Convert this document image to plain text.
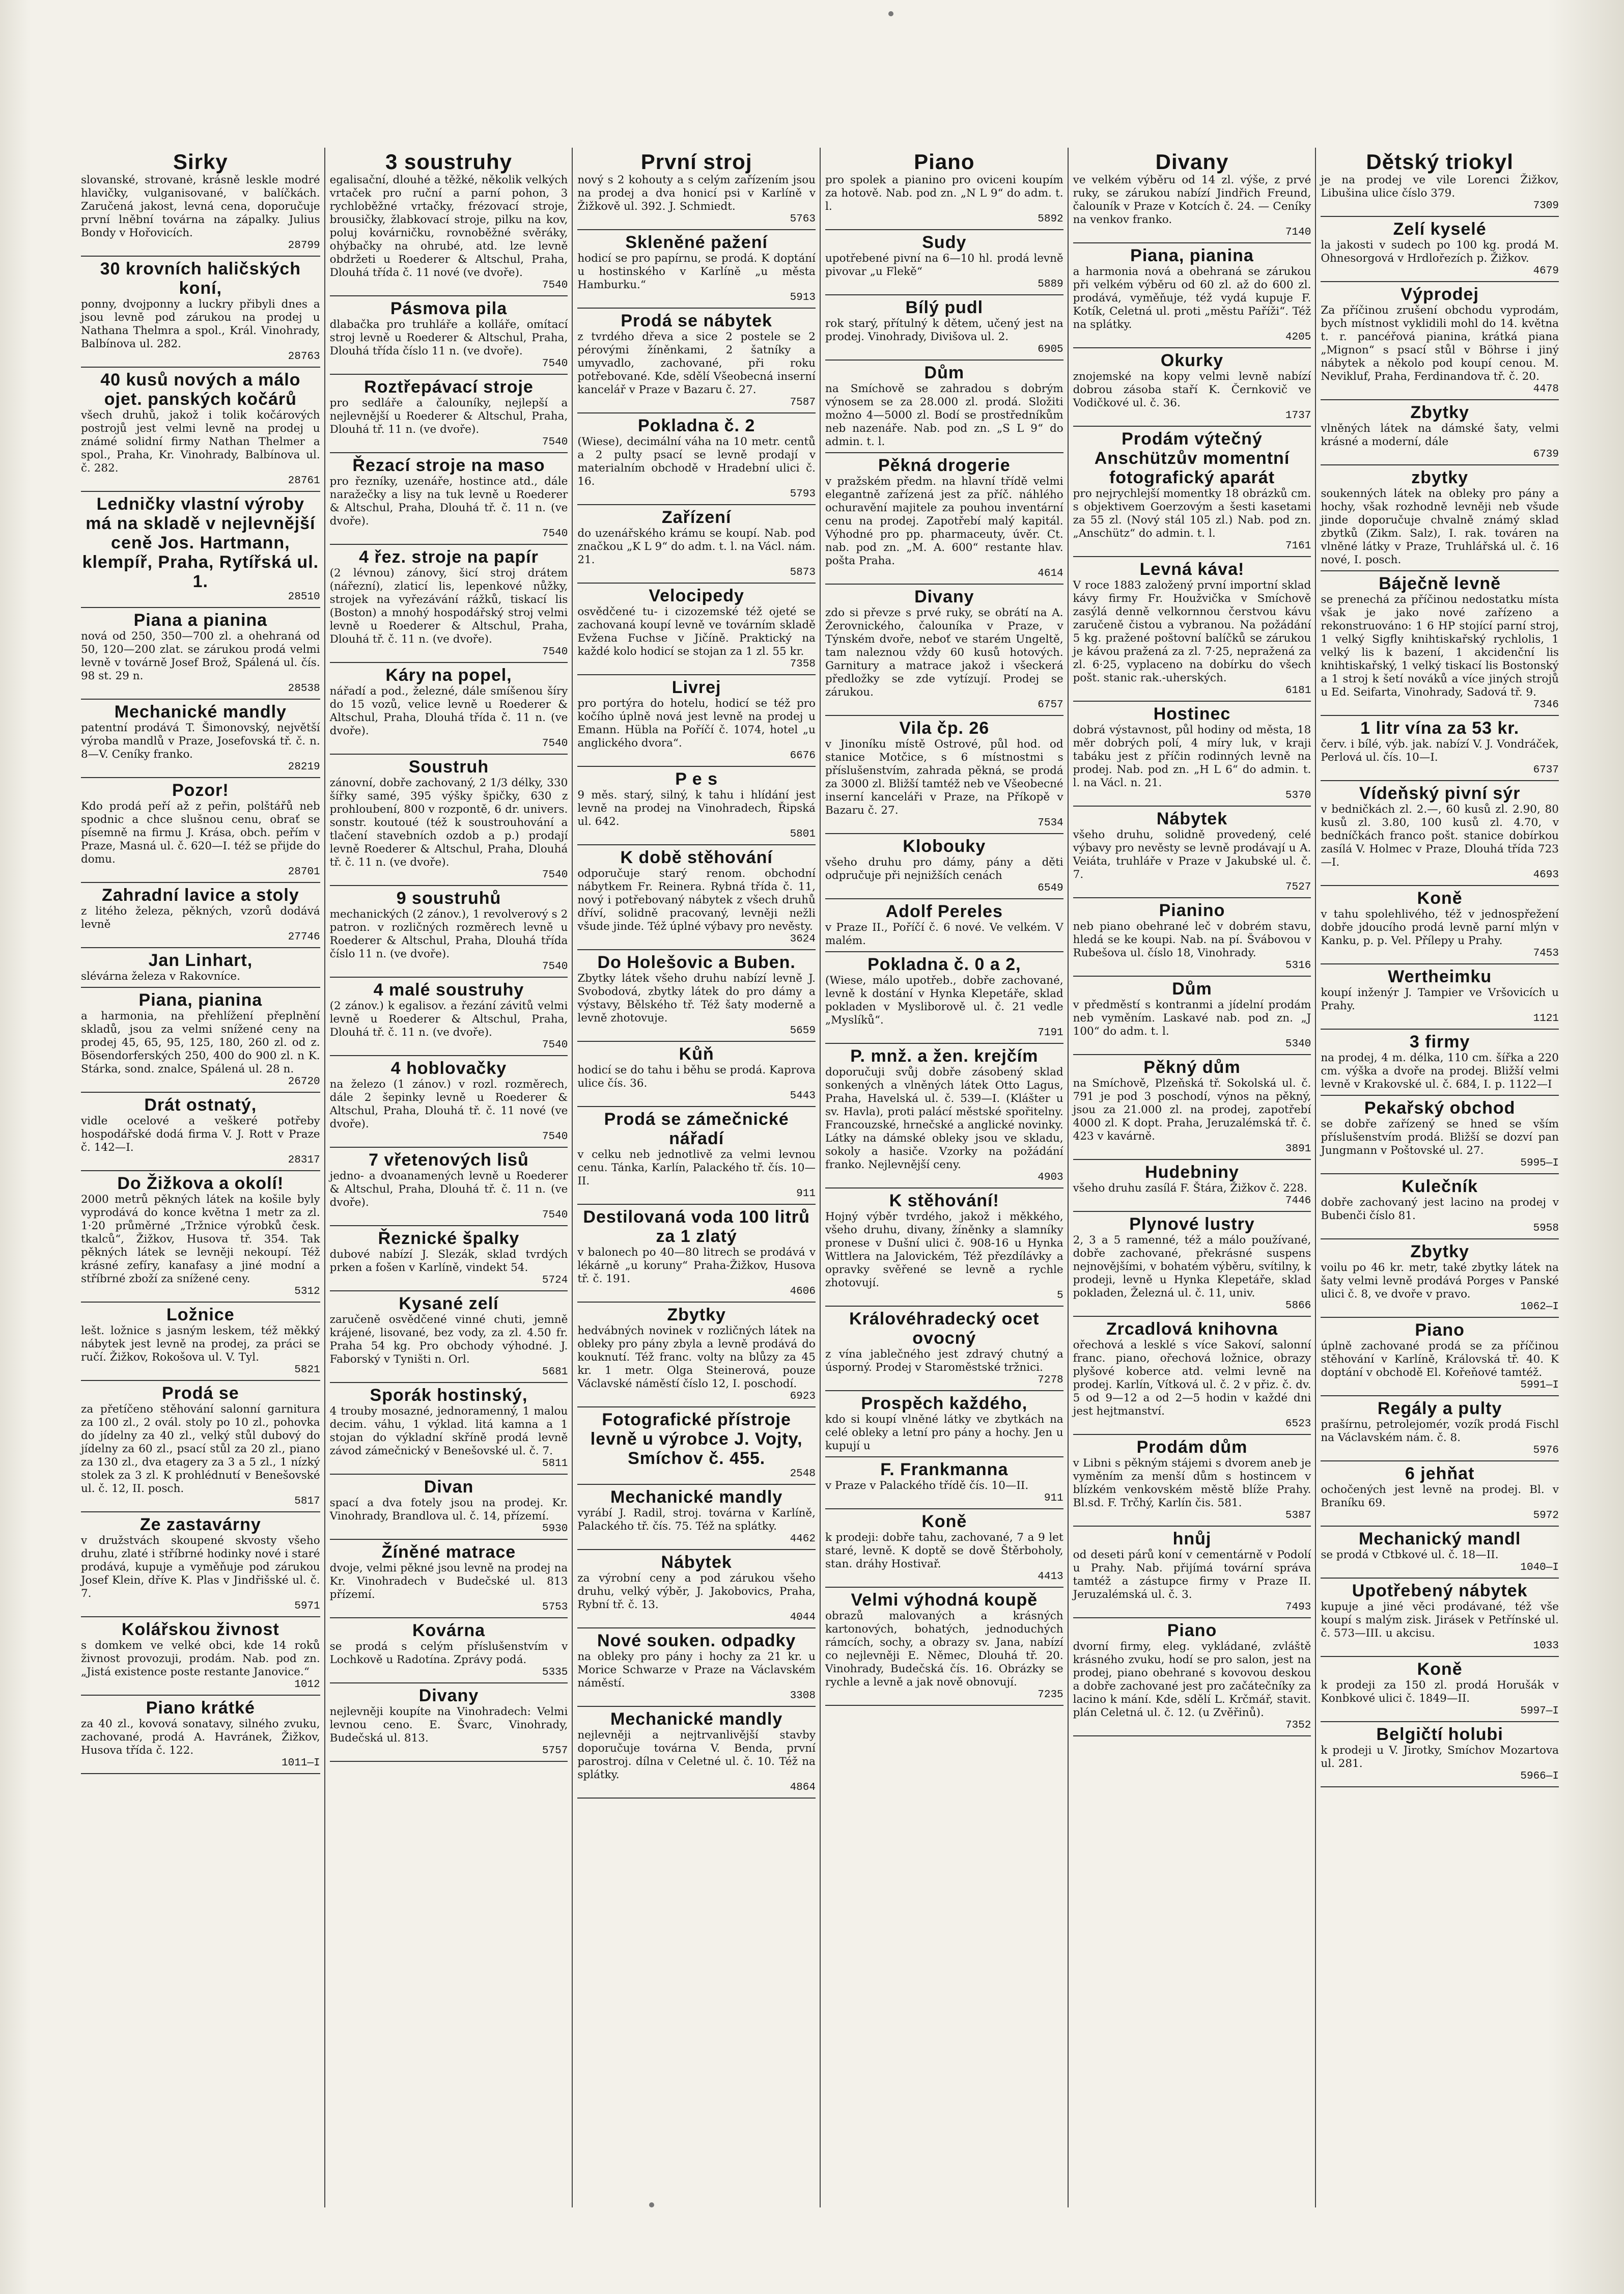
Sirky
slovanské, strovanė, krásně leskle modré hlavičky, vulganisované, v balíčkách. Zaručená jakost, levná cena, doporučuje první lněbní továrna na zápalky. Julius Bondy v Hořovicích.
28799
30 krovních haličských koní,
ponny, dvojponny a luckry přibyli dnes a jsou levně pod zárukou na prodej u Nathana Thelmra a spol., Král. Vinohrady, Balbínova ul. 282.
28763
40 kusů nových a málo ojet. panských kočárů
všech druhů, jakož i tolik kočárových postrojů jest velmi levně na prodej u známé solidní firmy Nathan Thelmer a spol., Praha, Kr. Vinohrady, Balbínova ul. č. 282.
28761
Ledničky vlastní výroby má na skladě v nejlevnější ceně Jos. Hartmann, klempíř, Praha, Rytířská ul. 1.
28510
Piana a pianina
nová od 250, 350—700 zl. a ohehraná od 50, 120—200 zlat. se zárukou prodá velmi levně v továrně Josef Brož, Spálená ul. čís. 98 st. 29 n.
28538
Mechanické mandly
patentní prodává T. Šimonovský, největší výroba mandlů v Praze, Josefovská tř. č. n. 8—V. Ceníky franko.
28219
Pozor!
Kdo prodá peří až z peřin, polštářů neb spodnic a chce slušnou cenu, obrať se písemně na firmu J. Krása, obch. peřím v Praze, Masná ul. č. 620—I. též se přijde do domu.
28701
Zahradní lavice a stoly
z litého železa, pěkných, vzorů dodává levně
27746
Jan Linhart,
slévárna železa v Rakovníce.
Piana, pianina
a harmonia, na přehlížení přeplnění skladů, jsou za velmi snížené ceny na prodej 45, 65, 95, 125, 180, 260 zl. od z. Bösendorferských 250, 400 do 900 zl. n K. Stárka, sond. znalce, Spálená ul. 28 n.
26720
Drát ostnatý,
vidle ocelové a veškeré potřeby hospodářské dodá firma V. J. Rott v Praze č. 142—I.
28317
Do Žižkova a okolí!
2000 metrů pěkných látek na košile byly vyprodává do konce května 1 metr za zl. 1·20 průměrné „Tržnice výrobků česk. tkalců“, Žižkov, Husova tř. 354. Tak pěkných látek se levněji nekoupí. Též krásné zefíry, kanafasy a jiné modní a stříbrné zboží za snížené ceny.
5312
Ložnice
lešt. ložnice s jasným leskem, též měkký nábytek jest levně na prodej, za práci se ručí. Žižkov, Rokošova ul. V. Tyl.
5821
Prodá se
za přetíčeno stěhování salonní garnitura za 100 zl., 2 ovál. stoly po 10 zl., pohovka do jídelny za 40 zl., velký stůl dubový do jídelny za 60 zl., psací stůl za 20 zl., piano za 130 zl., dva etagery za 3 a 5 zl., 1 nízký stolek za 3 zl. K prohlédnutí v Benešovské ul. č. 12, II. posch.
5817
Ze zastavárny
v družstvách skoupené skvosty všeho druhu, zlaté i stříbrné hodinky nové i staré prodává, kupuje a vyměňuje pod zárukou Josef Klein, dříve K. Plas v Jindřišské ul. č. 7.
5971
Kolářskou živnost
s domkem ve velké obci, kde 14 roků živnost provozuji, prodám. Nab. pod zn. „Jistá existence poste restante Janovice.“
1012
Piano krátké
za 40 zl., kovová sonatavy, silného zvuku, zachované, prodá A. Havránek, Žižkov, Husova třída č. 122.
1011—I
3 soustruhy
egalisační, dlouhé a těžké, několik velkých vrtaček pro ruční a parní pohon, 3 rychloběžné vrtačky, frézovací stroje, brousičky, žlabkovací stroje, pilku na kov, poluj kovárničku, rovnoběžné svěráky, ohýbačky na ohrubé, atd. lze levně obdržeti u Roederer & Altschul, Praha, Dlouhá třída č. 11 nové (ve dvoře).
7540
Pásmova pila
dlabačka pro truhláře a kolláře, omítací stroj levně u Roederer & Altschul, Praha, Dlouhá třída číslo 11 n. (ve dvoře).
7540
Roztřepávací stroje
pro sedláře a čalouníky, nejlepší a nejlevnější u Roederer & Altschul, Praha, Dlouhá tř. 11 n. (ve dvoře).
7540
Řezací stroje na maso
pro řezníky, uzenáře, hostince atd., dále naražečky a lisy na tuk levně u Roederer & Altschul, Praha, Dlouhá tř. č. 11 n. (ve dvoře).
7540
4 řez. stroje na papír
(2 lévnou) zánovy, šicí stroj drátem (nářezní), zlaticí lis, lepenkové nůžky, strojek na vyřezávání rážků, tiskací lis (Boston) a mnohý hospodářský stroj velmi levně u Roederer & Altschul, Praha, Dlouhá tř. č. 11 n. (ve dvoře).
7540
Káry na popel,
nářadí a pod., železné, dále smíšenou šíry do 15 vozů, velice levně u Roederer & Altschul, Praha, Dlouhá třída č. 11 n. (ve dvoře).
7540
Soustruh
zánovní, dobře zachovaný, 2 1/3 délky, 330 šířky samé, 395 výšky špičky, 630 z prohloubení, 800 v rozpontě, 6 dr. univers. sonstr. koutoué (též k soustrouhování a tlačení stavebních ozdob a p.) prodají levně Roederer & Altschul, Praha, Dlouhá tř. č. 11 n. (ve dvoře).
7540
9 soustruhů
mechanických (2 zánov.), 1 revolverový s 2 patron. v rozličných rozměrech levně u Roederer & Altschul, Praha, Dlouhá třída číslo 11 n. (ve dvoře).
7540
4 malé soustruhy
(2 zánov.) k egalisov. a řezání závitů velmi levně u Roederer & Altschul, Praha, Dlouhá tř. č. 11 n. (ve dvoře).
7540
4 hoblovačky
na železo (1 zánov.) v rozl. rozměrech, dále 2 šepinky levně u Roederer & Altschul, Praha, Dlouhá tř. č. 11 nové (ve dvoře).
7540
7 vřetenových lisů
jedno- a dvoanamených levně u Roederer & Altschul, Praha, Dlouhá tř. č. 11 n. (ve dvoře).
7540
Řeznické špalky
dubové nabízí J. Slezák, sklad tvrdých prken a fošen v Karlíně, vindekt 54.
5724
Kysané zelí
zaručeně osvědčené vinné chuti, jemně krájené, lisované, bez vody, za zl. 4.50 fr. Praha 54 kg. Pro obchody výhodné. J. Faborský v Tyništi n. Orl.
5681
Sporák hostinský,
4 trouby mosazné, jednoramenný, 1 malou decim. váhu, 1 výklad. litá kamna a 1 stojan do výkladní skříně prodá levně závod zámečnický v Benešovské ul. č. 7.
5811
Divan
spací a dva fotely jsou na prodej. Kr. Vinohrady, Brandlova ul. č. 14, přízemí.
5930
Žíněné matrace
dvoje, velmi pěkné jsou levně na prodej na Kr. Vinohradech v Budečské ul. 813 přízemí.
5753
Kovárna
se prodá s celým příslušenstvím v Lochkově u Radotína. Zprávy podá.
5335
Divany
nejlevněji koupíte na Vinohradech: Velmi levnou ceno. E. Švarc, Vinohrady, Budečská ul. 813.
5757
První stroj
nový s 2 kohouty a s celým zařízením jsou na prodej a dva honicí psi v Karlíně v Žižkově ul. 392. J. Schmiedt.
5763
Skleněné pažení
hodicí se pro papírnu, se prodá. K doptání u hostinského v Karlíně „u města Hamburku.“
5913
Prodá se nábytek
z tvrdého dřeva a sice 2 postele se 2 pérovými žíněnkami, 2 šatníky a umyvadlo, zachované, při roku potřebované. Kde, sdělí Všeobecná inserní kancelář v Praze v Bazaru č. 27.
7587
Pokladna č. 2
(Wiese), decimální váha na 10 metr. centů a 2 pulty psací se levně prodají v materialním obchodě v Hradební ulici č. 16.
5793
Zařízení
do uzenářského krámu se koupí. Nab. pod značkou „K L 9“ do adm. t. l. na Václ. nám. 21.
5873
Velocipedy
osvědčené tu- i cizozemské též ojeté se zachovaná koupí levně ve továrním skladě Evžena Fuchse v Jičíně. Praktický na každé kolo hodicí se stojan za 1 zl. 55 kr.
7358
Livrej
pro portýra do hotelu, hodicí se též pro kočího úplně nová jest levně na prodej u Emann. Hübla na Poříčí č. 1074, hotel „u anglického dvora“.
6676
P e s
9 měs. starý, silný, k tahu i hlídání jest levně na prodej na Vinohradech, Řipská ul. 642.
5801
K době stěhování
odporučuje starý renom. obchodní nábytkem Fr. Reinera. Rybná třída č. 11, nový i potřebovaný nábytek z všech druhů dříví, solidně pracovaný, levněji nežli všude jinde. Též úplné výbavy pro nevěsty.
3624
Do Holešovic a Buben.
Zbytky látek všeho druhu nabízí levně J. Svobodová, zbytky látek do pro dámy a výstavy, Bělského tř. Též šaty moderně a levně zhotovuje.
5659
Kůň
hodicí se do tahu i běhu se prodá. Kaprova ulice čís. 36.
5443
Prodá se zámečnické nářadí
v celku neb jednotlivě za velmi levnou cenu. Tánka, Karlín, Palackého tř. čís. 10—II.
911
Destilovaná voda 100 litrů za 1 zlatý
v balonech po 40—80 litrech se prodává v lékárně „u koruny“ Praha-Žižkov, Husova tř. č. 191.
4606
Zbytky
hedvábných novinek v rozličných látek na obleky pro pány zbyla a levně prodává do kouknutí. Též franc. volty na blůzy za 45 kr. 1 metr. Olga Steinerová, pouze Václavské náměstí číslo 12, I. poschodí.
6923
Fotografické přístroje levně u výrobce J. Vojty, Smíchov č. 455.
2548
Mechanické mandly
vyrábí J. Radil, stroj. továrna v Karlíně, Palackého tř. čís. 75. Též na splátky.
4462
Nábytek
za výrobní ceny a pod zárukou všeho druhu, velký výběr, J. Jakobovics, Praha, Rybní tř. č. 13.
4044
Nové souken. odpadky
na obleky pro pány i hochy za 21 kr. u Morice Schwarze v Praze na Václavském náměstí.
3308
Mechanické mandly
nejlevněji a nejtrvanlivější stavby doporučuje továrna V. Benda, první parostroj. dílna v Celetné ul. č. 10. Též na splátky.
4864
Piano
pro spolek a pianino pro oviceni koupím za hotově. Nab. pod zn. „N L 9“ do adm. t. l.
5892
Sudy
upotřebené pivní na 6—10 hl. prodá levně pivovar „u Flekě“
5889
Bílý pudl
rok starý, přítulný k dětem, učený jest na prodej. Vinohrady, Divišova ul. 2.
6905
Dům
na Smíchově se zahradou s dobrým výnosem se za 28.000 zl. prodá. Složiti možno 4—5000 zl. Bodí se prostředníkům neb nazenáře. Nab. pod zn. „S L 9“ do admin. t. l.
Pěkná drogerie
v pražském předm. na hlavní třídě velmi elegantně zařízená jest za příč. náhlého ochuravění majitele za pouhou inventární cenu na prodej. Zapotřebí malý kapitál. Výhodné pro pp. pharmaceuty, úvěr. Ct. nab. pod zn. „M. A. 600“ restante hlav. pošta Praha.
4614
Divany
zdo si převze s prvé ruky, se obrátí na A. Žerovnického, čalouníka v Praze, v Týnském dvoře, neboť ve starém Ungeltě, tam naleznou vždy 60 kusů hotových. Garnitury a matrace jakož i všeckerá předložky se zde vytízují. Prodej se zárukou.
6757
Vila čp. 26
v Jinoníku místě Ostrové, půl hod. od stanice Motčice, s 6 místnostmi s příslušenstvím, zahrada pěkná, se prodá za 3000 zl. Bližší tamtéž neb ve Všeobecné inserní kanceláři v Praze, na Příkopě v Bazaru č. 27.
7534
Klobouky
všeho druhu pro dámy, pány a děti odpručuje při nejnižších cenách
6549
Adolf Pereles
v Praze II., Poříčí č. 6 nové. Ve velkém. V malém.
Pokladna č. 0 a 2,
(Wiese, málo upotřeb., dobře zachované, levně k dostání v Hynka Klepetáře, sklad pokladen v Mysliborově ul. č. 21 vedle „Myslíků“.
7191
P. mnž. a žen. krejčím
doporučuji svůj dobře zásobený sklad sonkených a vlněných látek Otto Lagus, Praha, Havelská ul. č. 539—I. (Klášter u sv. Havla), proti palácí městské spořitelny. Francouzské, hrnečské a anglické novinky. Látky na dámské obleky jsou ve skladu, sokoly a hasiče. Vzorky na požádání franko. Nejlevnější ceny.
4903
K stěhování!
Hojný výběr tvrdého, jakož i měkkého, všeho druhu, divany, žíněnky a slamníky pronese v Dušní ulici č. 908-16 u Hynka Wittlera na Jalovickém, Též přezdílávky a opravky svěřené se levně a rychle zhotovují.
5
Královéhradecký ocet ovocný
z vína jablečného jest zdravý chutný a úsporný. Prodej v Staroměstské tržnici.
7278
Prospěch každého,
kdo si koupí vlněné látky ve zbytkách na celé obleky a letní pro pány a hochy. Jen u kupují u
F. Frankmanna
v Praze v Palackého třídě čís. 10—II.
911
Koně
k prodeji: dobře tahu, zachované, 7 a 9 let staré, levně. K doptě se dově Štěrboholy, stan. dráhy Hostivař.
4413
Velmi výhodná koupě
obrazů malovaných a krásných kartonových, bohatých, jednoduchých rámcích, sochy, a obrazy sv. Jana, nabízí co nejlevněji E. Němec, Dlouhá tř. 20. Vinohrady, Budečská čís. 16. Obrázky se rychle a levně a jak nově obnovují.
7235
Divany
ve velkém výběru od 14 zl. výše, z prvé ruky, se zárukou nabízí Jindřich Freund, čalouník v Praze v Kotcích č. 24. — Ceníky na venkov franko.
7140
Piana, pianina
a harmonia nová a obehraná se zárukou při velkém výběru od 60 zl. až do 600 zl. prodává, vyměňuje, též vydá kupuje F. Kotík, Celetná ul. proti „městu Paříži“. Též na splátky.
4205
Okurky
znojemské na kopy velmi levně nabízí dobrou zásoba staří K. Černkovič ve Vodičkové ul. č. 36.
1737
Prodám výtečný Anschützův momentní fotografický aparát
pro nejrychlejší momentky 18 obrázků cm. s objektivem Goerzovým a šesti kasetami za 55 zl. (Nový stál 105 zl.) Nab. pod zn. „Anschütz“ do admin. t. l.
7161
Levná káva!
V roce 1883 založený první importní sklad kávy firmy Fr. Houžvička v Smíchově zasýlá denně velkornnou čerstvou kávu zaručeně čistou a vybranou. Na požádání 5 kg. pražené poštovní balíčků se zárukou je kávou pražená za zl. 7·25, nepražená za zl. 6·25, vyplaceno na dobírku do všech pošt. stanic rak.-uherských.
6181
Hostinec
dobrá výstavnost, půl hodiny od města, 18 měr dobrých polí, 4 míry luk, v kraji tabáku jest z příčin rodinných levně na prodej. Nab. pod zn. „H L 6“ do admin. t. l. na Václ. n. 21.
5370
Nábytek
všeho druhu, solidně provedený, celé výbavy pro nevěsty se levně prodávají u A. Veiáta, truhláře v Praze v Jakubské ul. č. 7.
7527
Pianino
neb piano obehrané leč v dobrém stavu, hledá se ke koupi. Nab. na pí. Švábovou v Rubešova ul. číslo 18, Vinohrady.
5316
Dům
v předměstí s kontranmi a jídelní prodám neb vyměním. Laskavé nab. pod zn. „J 100“ do adm. t. l.
5340
Pěkný dům
na Smíchově, Plzeňská tř. Sokolská ul. č. 791 je pod 3 poschodí, výnos na pěkný, jsou za 21.000 zl. na prodej, zapotřebí 4000 zl. K dopt. Praha, Jeruzalémská tř. č. 423 v kavárně.
3891
Hudebniny
všeho druhu zasílá F. Štára, Žižkov č. 228.
7446
Plynové lustry
2, 3 a 5 ramenné, též a málo používané, dobře zachované, překrásné suspens nejnovějšími, v bohatém výběru, svítilny, k prodeji, levně u Hynka Klepetáře, sklad pokladen, Železná ul. č. 11, univ.
5866
Zrcadlová knihovna
ořechová a lesklé s více Sakoví, salonní franc. piano, ořechová ložnice, obrazy plyšové koberce atd. velmi levně na prodej. Karlín, Vítková ul. č. 2 v přiz. č. dv. 5 od 9—12 a od 2—5 hodin v každé dni jest hejtmanství.
6523
Prodám dům
v Libni s pěkným stájemi s dvorem aneb je vyměním za menší dům s hostincem v blízkém venkovském městě blíže Prahy. Bl.sd. F. Trčhý, Karlín čis. 581.
5387
hnůj
od deseti párů koní v cementárně v Podolí u Prahy. Nab. přijímá tovární správa tamtéž a zástupce firmy v Praze II. Jeruzalémská ul. č. 3.
7493
Piano
dvorní firmy, eleg. vykládané, zvláště krásného zvuku, hodí se pro salon, jest na prodej, piano obehrané s kovovou deskou a dobře zachované jest pro začátečníky za lacino k mání. Kde, sdělí L. Krčmář, stavit. plán Celetná ul. č. 12. (u Zvěřinů).
7352
Dětský triokyl
je na prodej ve vile Lorenci Žižkov, Libušina ulice číslo 379.
7309
Zelí kyselé
la jakosti v sudech po 100 kg. prodá M. Ohnesorgová v Hrdlořezích p. Žižkov.
4679
Výprodej
Za příčinou zrušení obchodu vyprodám, bych místnost vyklidili mohl do 14. května t. r. pancéřová pianina, krátká piana „Mignon“ s psací stůl v Böhrse i jiný nábytek a několo pod koupí cenou. M. Nevikluf, Praha, Ferdinandova tř. č. 20.
4478
Zbytky
vlněných látek na dámské šaty, velmi krásné a moderní, dále
6739
zbytky
soukenných látek na obleky pro pány a hochy, však rozhodně levněji neb všude jinde doporučuje chvalně známý sklad zbytků (Zikm. Salz), I. rak. továren na vlněné látky v Praze, Truhlářská ul. č. 16 nové, I. posch.
Báječně levně
se prenechá za příčinou nedostatku místa však je jako nové zařízeno a rekonstruováno: 1 6 HP stojící parní stroj, 1 velký Sigfly knihtiskařský rychlolis, 1 velký lis k bazení, 1 akcidenční lis knihtiskařský, 1 velký tiskací lis Bostonský a 1 stroj k šetí nováků a více jiných strojů u Ed. Seifarta, Vinohrady, Sadová tř. 9.
7346
1 litr vína za 53 kr.
červ. i bílé, výb. jak. nabízí V. J. Vondráček, Perlová ul. čís. 10—I.
6737
Vídeňský pivní sýr
v bedničkách zl. 2.—, 60 kusů zl. 2.90, 80 kusů zl. 3.80, 100 kusů zl. 4.70, v bedníčkách franco pošt. stanice dobírkou zasílá V. Holmec v Praze, Dlouhá třída 723—I.
4693
Koně
v tahu spolehlivého, též v jednospřežení dobře jdoucího prodá levně parní mlýn v Kanku, p. p. Vel. Přílepy u Prahy.
7453
Wertheimku
koupí inženýr J. Tampier ve Vršovicích u Prahy.
1121
3 firmy
na prodej, 4 m. délka, 110 cm. šířka a 220 cm. výška a dvoře na prodej. Bližší velmi levně v Krakovské ul. č. 684, I. p. 1122—I
Pekařský obchod
se dobře zařízený se hned se vším příslušenstvím prodá. Bližší se dozví pan Jungmann v Poštovské ul. 27.
5995—I
Kulečník
dobře zachovaný jest lacino na prodej v Bubenči číslo 81.
5958
Zbytky
voilu po 46 kr. metr, také zbytky látek na šaty velmi levně prodává Porges v Panské ulici č. 8, ve dvoře v pravo.
1062—I
Piano
úplně zachované prodá se za příčinou stěhování v Karlíně, Královská tř. 40. K doptání v obchodě El. Kořeňové tamtéž.
5991—I
Regály a pulty
prašírnu, petrolejomér, vozík prodá Fischl na Václavském nám. č. 8.
5976
6 jehňat
ochočených jest levně na prodej. Bl. v Braníku 69.
5972
Mechanický mandl
se prodá v Ctbkové ul. č. 18—II.
1040—I
Upotřebený nábytek
kupuje a jiné věci prodávané, též vše koupí s malým zisk. Jirásek v Petřínské ul. č. 573—III. u akcisu.
1033
Koně
k prodeji za 150 zl. prodá Horušák v Konbkové ulici č. 1849—II.
5997—I
Belgičtí holubi
k prodeji u V. Jirotky, Smíchov Mozartova ul. 281.
5966—I
